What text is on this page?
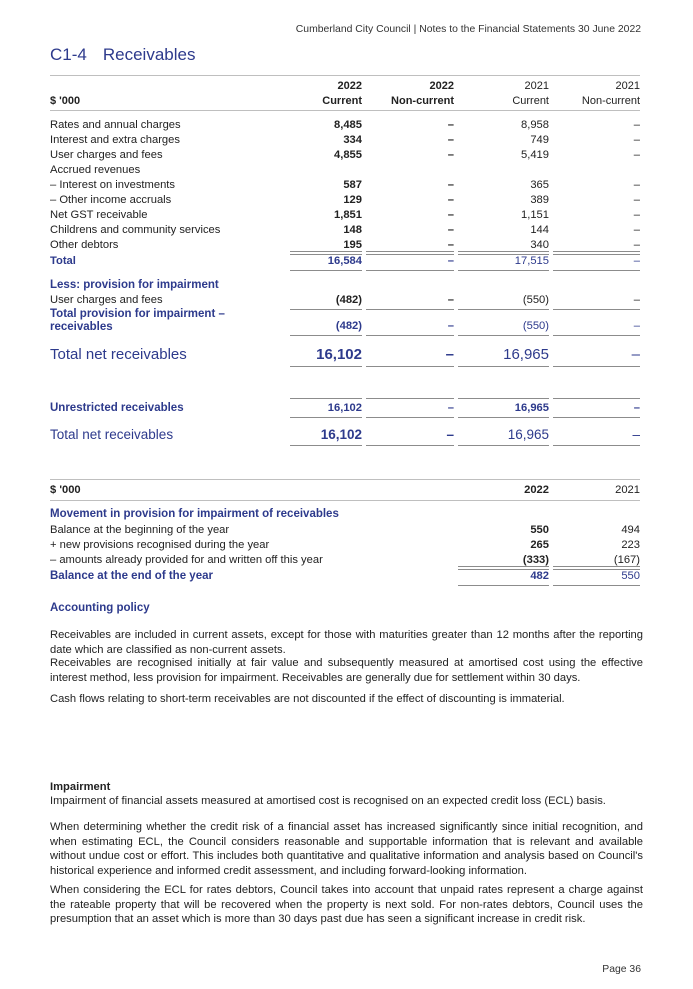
Cumberland City Council | Notes to the Financial Statements 30 June 2022
C1-4 Receivables
	2022	2022	2021	2021
$ '000	Current	Non-current	Current	Non-current
Rates and annual charges	8,485	–	8,958	–
Interest and extra charges	334	–	749	–
User charges and fees	4,855	–	5,419	–
Accrued revenues				
– Interest on investments	587	–	365	–
– Other income accruals	129	–	389	–
Net GST receivable	1,851	–	1,151	–
Childrens and community services	148	–	144	–
Other debtors	195	–	340	–
Total	16,584	–	17,515	–
Less: provision for impairment
User charges and fees	(482)	–	(550)	–
Total provision for impairment –
receivables	(482)	–	(550)	–
Total net receivables	16,102	–	16,965	–
Unrestricted receivables	16,102	–	16,965	–
Total net receivables	16,102	–	16,965	–
$ '000	2022	2021
Movement in provision for impairment of receivables
Balance at the beginning of the year	550	494
+ new provisions recognised during the year	265	223
– amounts already provided for and written off this year	(333)	(167)
Balance at the end of the year	482	550
Accounting policy
Receivables are included in current assets, except for those with maturities greater than 12 months after the reporting date which are classified as non-current assets.
Receivables are recognised initially at fair value and subsequently measured at amortised cost using the effective interest method, less provision for impairment. Receivables are generally due for settlement within 30 days.
Cash flows relating to short-term receivables are not discounted if the effect of discounting is immaterial.
Impairment
Impairment of financial assets measured at amortised cost is recognised on an expected credit loss (ECL) basis.
When determining whether the credit risk of a financial asset has increased significantly since initial recognition, and when estimating ECL, the Council considers reasonable and supportable information that is relevant and available without undue cost or effort. This includes both quantitative and qualitative information and analysis based on Council's historical experience and informed credit assessment, and including forward-looking information.
When considering the ECL for rates debtors, Council takes into account that unpaid rates represent a charge against the rateable property that will be recovered when the property is next sold. For non-rates debtors, Council uses the presumption that an asset which is more than 30 days past due has seen a significant increase in credit risk.
Page 36
